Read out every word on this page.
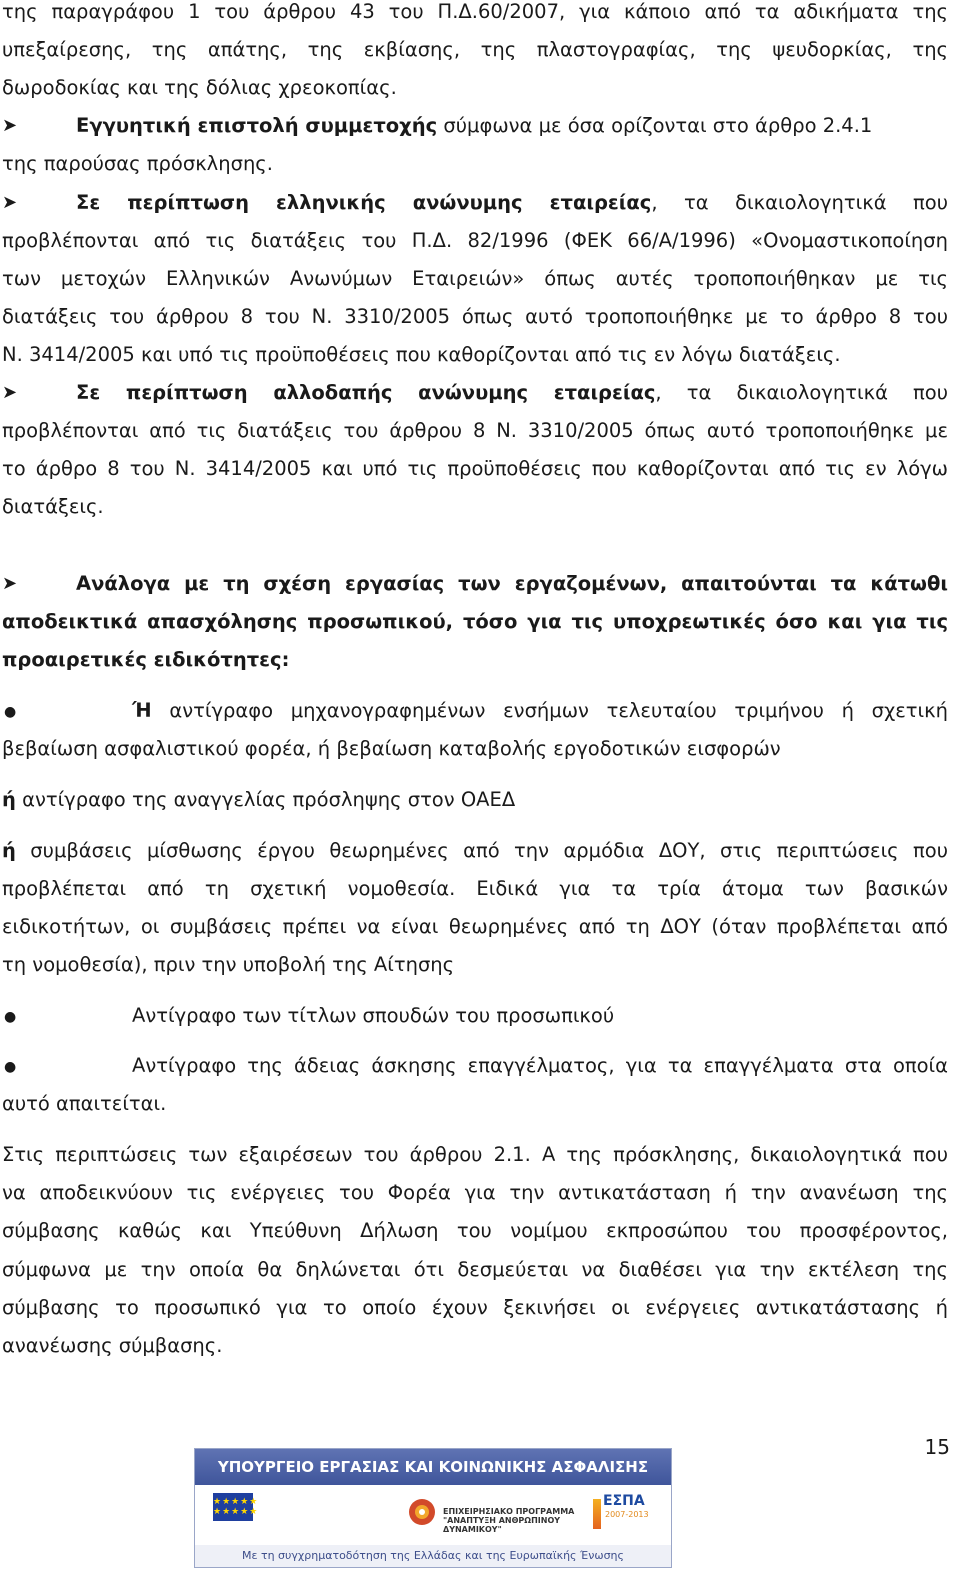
της παραγράφου 1 του άρθρου 43 του Π.Δ.60/2007, για κάποιο από τα αδικήματα της
υπεξαίρεσης, της απάτης, της εκβίασης, της πλαστογραφίας, της ψευδορκίας, της
δωροδοκίας και της δόλιας χρεοκοπίας.
➤	Εγγυητική επιστολή συμμετοχής σύμφωνα με όσα ορίζονται στο άρθρο 2.4.1
της παρούσας πρόσκλησης.
➤	Σε περίπτωση ελληνικής ανώνυμης εταιρείας, τα δικαιολογητικά που
προβλέπονται από τις διατάξεις του Π.Δ. 82/1996 (ΦΕΚ 66/Α/1996) «Ονομαστικοποίηση
των μετοχών Ελληνικών Ανωνύμων Εταιρειών» όπως αυτές τροποποιήθηκαν με τις
διατάξεις του άρθρου 8 του Ν. 3310/2005 όπως αυτό τροποποιήθηκε με το άρθρο 8 του
Ν. 3414/2005 και υπό τις προϋποθέσεις που καθορίζονται από τις εν λόγω διατάξεις.
➤	Σε περίπτωση αλλοδαπής ανώνυμης εταιρείας, τα δικαιολογητικά που
προβλέπονται από τις διατάξεις του άρθρου 8 Ν. 3310/2005 όπως αυτό τροποποιήθηκε με
το άρθρο 8 του Ν. 3414/2005 και υπό τις προϋποθέσεις που καθορίζονται από τις εν λόγω
διατάξεις.
➤	Ανάλογα με τη σχέση εργασίας των εργαζομένων, απαιτούνται τα κάτωθι
αποδεικτικά απασχόλησης προσωπικού, τόσο για τις υποχρεωτικές όσο και για τις
προαιρετικές ειδικότητες:
●	Ή αντίγραφο μηχανογραφημένων ενσήμων τελευταίου τριμήνου ή σχετική
βεβαίωση ασφαλιστικού φορέα, ή βεβαίωση καταβολής εργοδοτικών εισφορών
ή αντίγραφο της αναγγελίας πρόσληψης στον ΟΑΕΔ
ή συμβάσεις μίσθωσης έργου θεωρημένες από την αρμόδια ΔΟΥ, στις περιπτώσεις που
προβλέπεται από τη σχετική νομοθεσία. Ειδικά για τα τρία άτομα των βασικών
ειδικοτήτων, οι συμβάσεις πρέπει να είναι θεωρημένες από τη ΔΟΥ (όταν προβλέπεται από
τη νομοθεσία), πριν την υποβολή της Αίτησης
●	Αντίγραφο των τίτλων σπουδών του προσωπικού
●	Αντίγραφο της άδειας άσκησης επαγγέλματος, για τα επαγγέλματα στα οποία
αυτό απαιτείται.
Στις περιπτώσεις των εξαιρέσεων του άρθρου 2.1. Α της πρόσκλησης, δικαιολογητικά που
να αποδεικνύουν τις ενέργειες του Φορέα για την αντικατάσταση ή την ανανέωση της
σύμβασης καθώς και Υπεύθυνη Δήλωση του νομίμου εκπροσώπου του προσφέροντος,
σύμφωνα με την οποία θα δηλώνεται ότι δεσμεύεται να διαθέσει για την εκτέλεση της
σύμβασης το προσωπικό για το οποίο έχουν ξεκινήσει οι ενέργειες αντικατάστασης ή
ανανέωσης σύμβασης.
15
ΥΠΟΥΡΓΕΙΟ ΕΡΓΑΣΙΑΣ ΚΑΙ ΚΟΙΝΩΝΙΚΗΣ ΑΣΦΑΛΙΣΗΣ
★★★★★
★★★★★	ΕΠΙΧΕΙΡΗΣΙΑΚΟ ΠΡΟΓΡΑΜΜΑ "ΑΝΑΠΤΥΞΗ ΑΝΘΡΩΠΙΝΟΥ ΔΥΝΑΜΙΚΟΥ"
ΕΣΠΑ
2007-2013
Με τη συγχρηματοδότηση της Ελλάδας και της Ευρωπαϊκής Ένωσης
